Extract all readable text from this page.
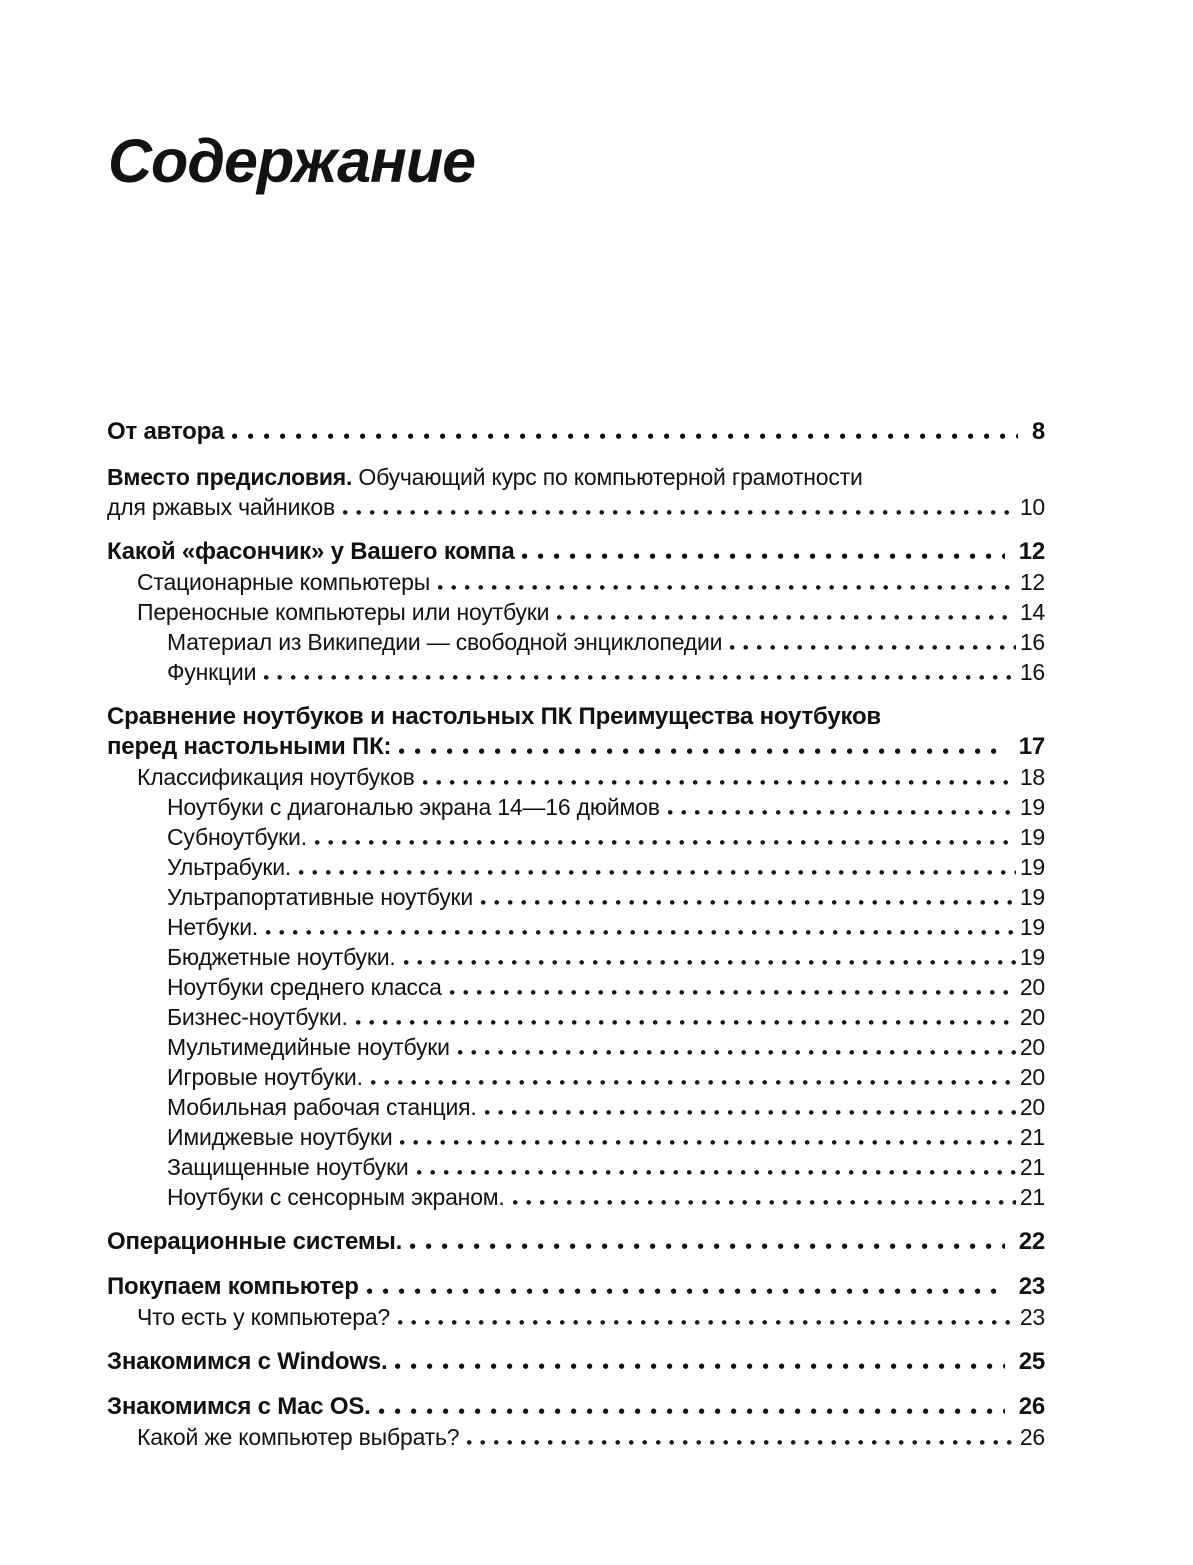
Содержание
От автора	8
Вместо предисловия. Обучающий курс по компьютерной грамотности
для ржавых чайников	10
Какой «фасончик» у Вашего компа	12
Стационарные компьютеры	12
Переносные компьютеры или ноутбуки	14
Материал из Википедии — свободной энциклопедии	16
Функции	16
Сравнение ноутбуков и настольных ПК Преимущества ноутбуков
перед настольными ПК:	17
Классификация ноутбуков	18
Ноутбуки с диагональю экрана 14—16 дюймов	19
Субноутбуки.	19
Ультрабуки.	19
Ультрапортативные ноутбуки	19
Нетбуки.	19
Бюджетные ноутбуки.	19
Ноутбуки среднего класса	20
Бизнес-ноутбуки.	20
Мультимедийные ноутбуки	20
Игровые ноутбуки.	20
Мобильная рабочая станция.	20
Имиджевые ноутбуки	21
Защищенные ноутбуки	21
Ноутбуки с сенсорным экраном.	21
Операционные системы.	22
Покупаем компьютер	23
Что есть у компьютера?	23
Знакомимся с Windows.	25
Знакомимся с Mac OS.	26
Какой же компьютер выбрать?	26
